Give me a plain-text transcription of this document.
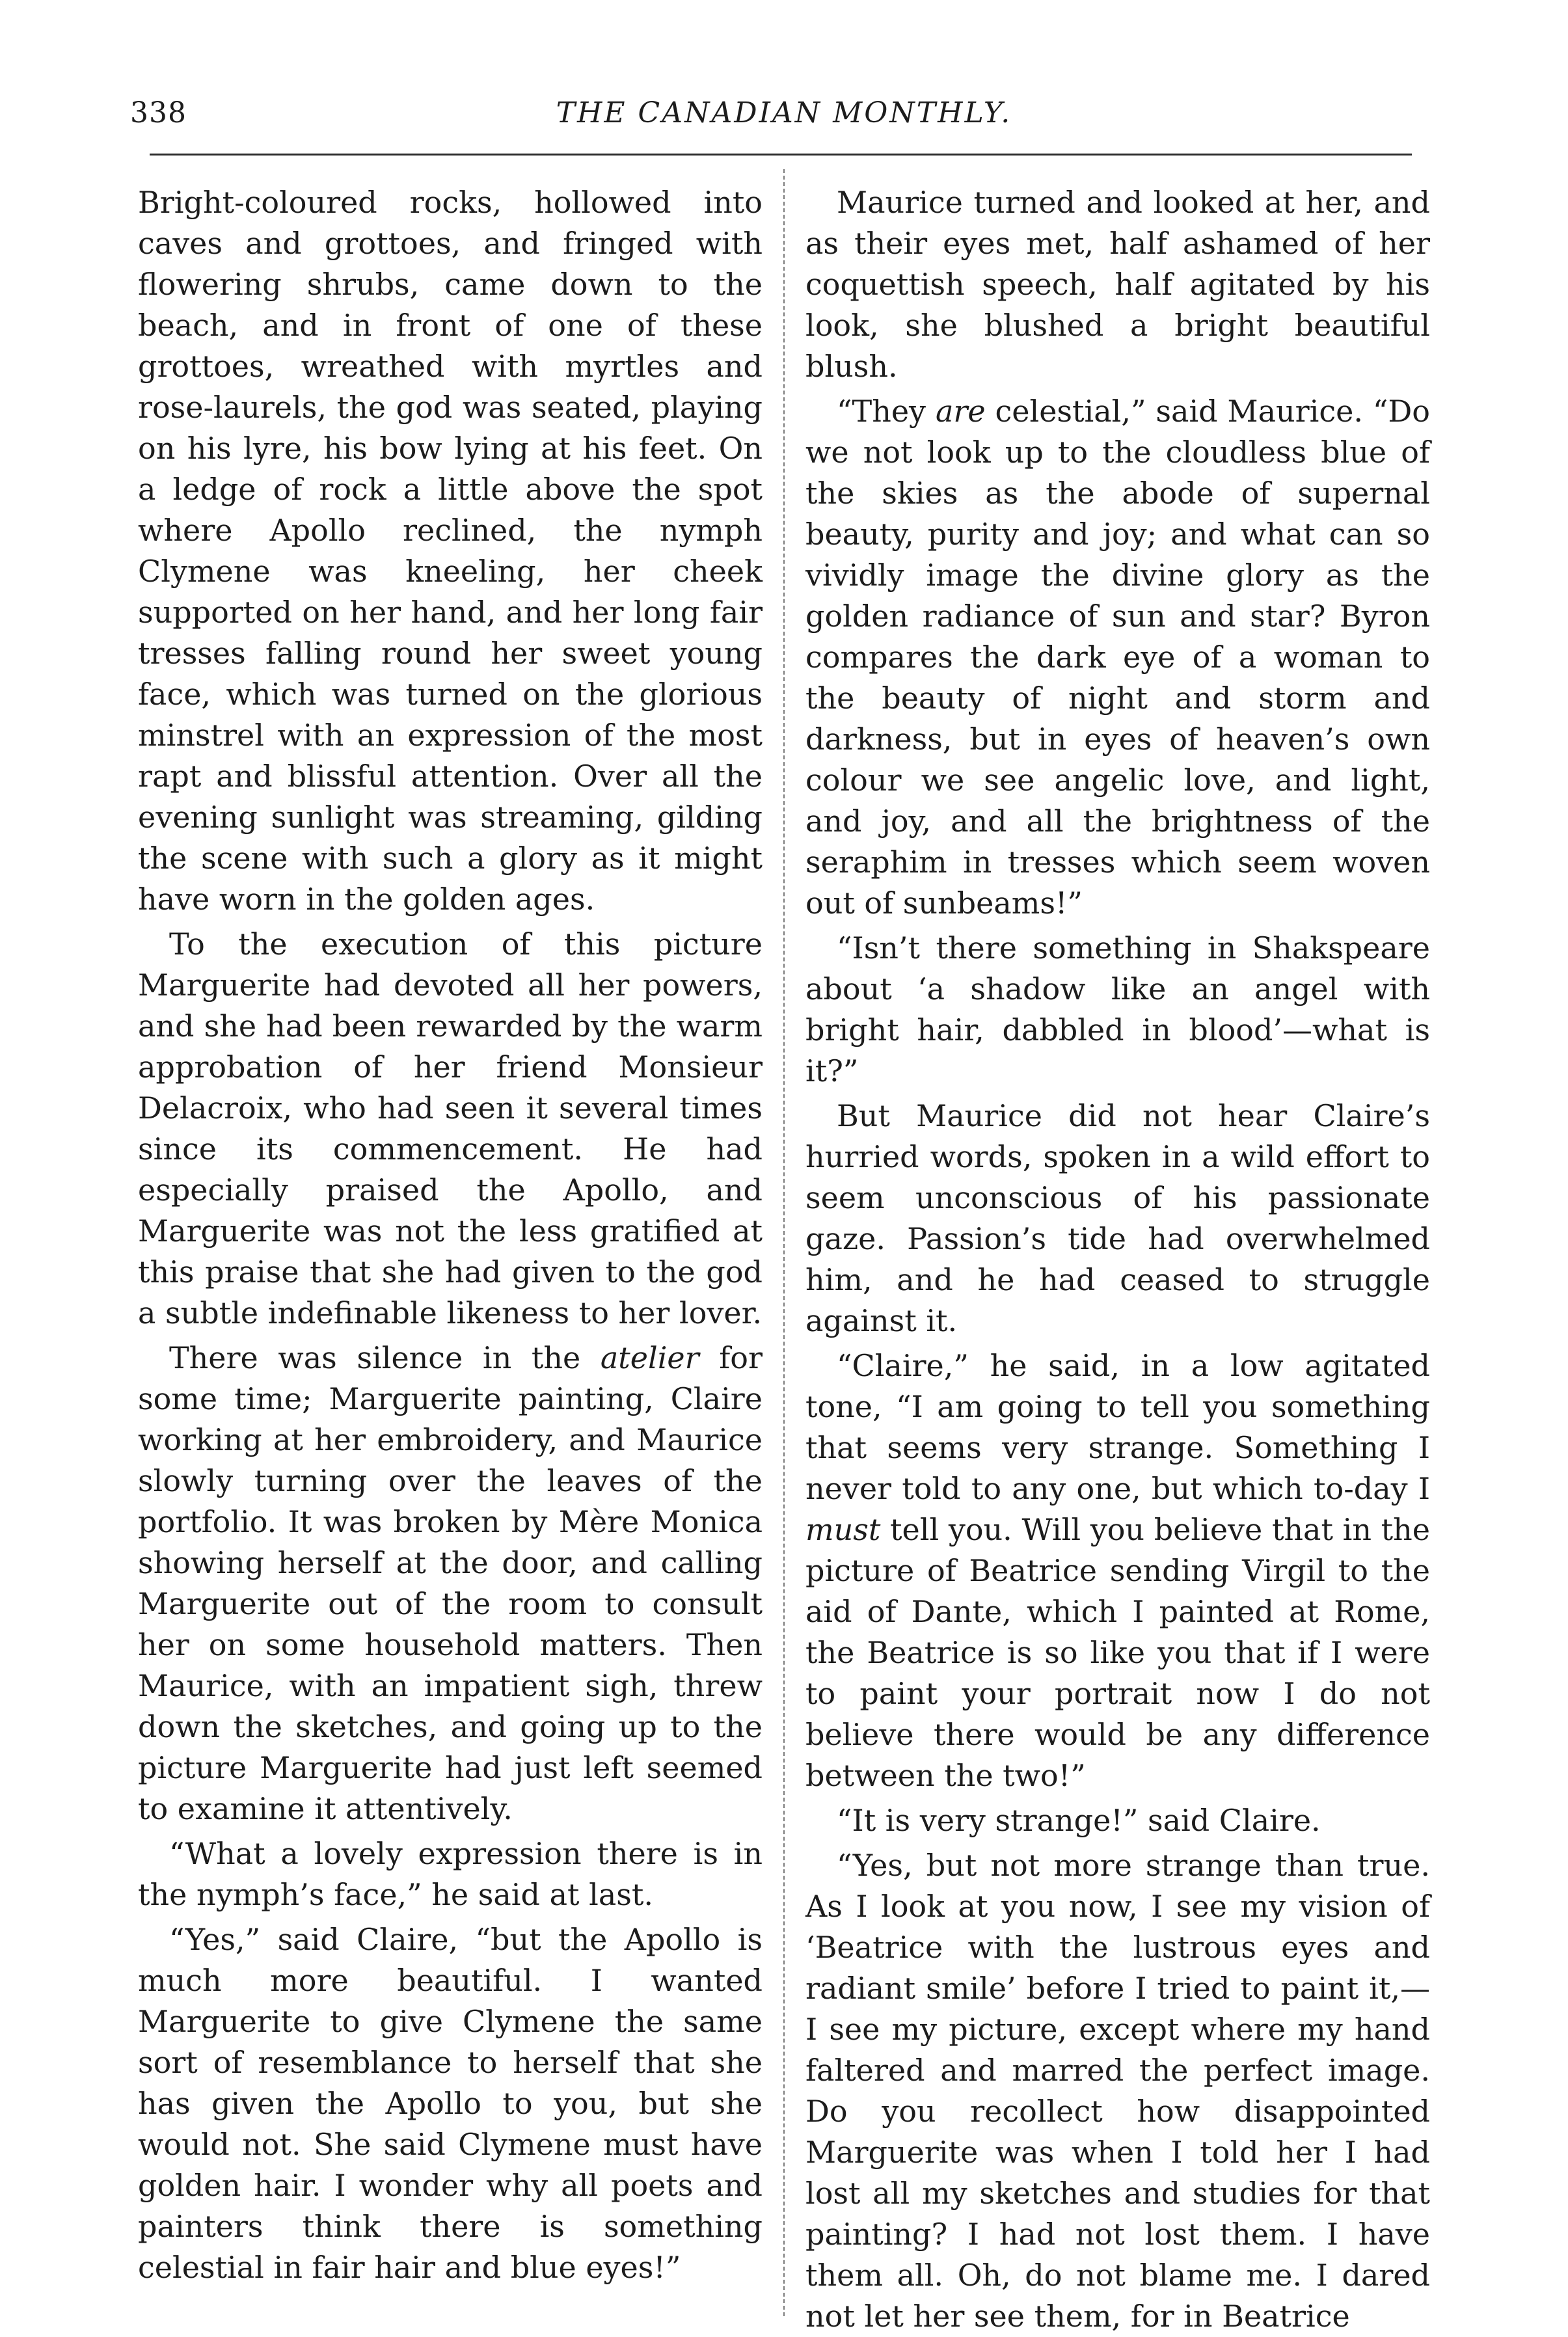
338	THE CANADIAN MONTHLY.

Bright-coloured rocks, hollowed into caves and grottoes, and fringed with flowering shrubs, came down to the beach, and in front of one of these grottoes, wreathed with myrtles and rose-laurels, the god was seated, playing on his lyre, his bow lying at his feet. On a ledge of rock a little above the spot where Apollo reclined, the nymph Clymene was kneeling, her cheek supported on her hand, and her long fair tresses falling round her sweet young face, which was turned on the glorious minstrel with an expression of the most rapt and blissful attention. Over all the evening sunlight was streaming, gilding the scene with such a glory as it might have worn in the golden ages.

To the execution of this picture Marguerite had devoted all her powers, and she had been rewarded by the warm approbation of her friend Monsieur Delacroix, who had seen it several times since its commencement. He had especially praised the Apollo, and Marguerite was not the less gratified at this praise that she had given to the god a subtle indefinable likeness to her lover.

There was silence in the atelier for some time; Marguerite painting, Claire working at her embroidery, and Maurice slowly turning over the leaves of the portfolio. It was broken by Mère Monica showing herself at the door, and calling Marguerite out of the room to consult her on some household matters. Then Maurice, with an impatient sigh, threw down the sketches, and going up to the picture Marguerite had just left seemed to examine it attentively.

“What a lovely expression there is in the nymph’s face,” he said at last.

“Yes,” said Claire, “but the Apollo is much more beautiful. I wanted Marguerite to give Clymene the same sort of resemblance to herself that she has given the Apollo to you, but she would not. She said Clymene must have golden hair. I wonder why all poets and painters think there is something celestial in fair hair and blue eyes!”

Maurice turned and looked at her, and as their eyes met, half ashamed of her coquettish speech, half agitated by his look, she blushed a bright beautiful blush.

“They are celestial,” said Maurice. “Do we not look up to the cloudless blue of the skies as the abode of supernal beauty, purity and joy; and what can so vividly image the divine glory as the golden radiance of sun and star? Byron compares the dark eye of a woman to the beauty of night and storm and darkness, but in eyes of heaven’s own colour we see angelic love, and light, and joy, and all the brightness of the seraphim in tresses which seem woven out of sunbeams!”

“Isn’t there something in Shakspeare about ‘a shadow like an angel with bright hair, dabbled in blood’—what is it?”

But Maurice did not hear Claire’s hurried words, spoken in a wild effort to seem unconscious of his passionate gaze. Passion’s tide had overwhelmed him, and he had ceased to struggle against it.

“Claire,” he said, in a low agitated tone, “I am going to tell you something that seems very strange. Something I never told to any one, but which to-day I must tell you. Will you believe that in the picture of Beatrice sending Virgil to the aid of Dante, which I painted at Rome, the Beatrice is so like you that if I were to paint your portrait now I do not believe there would be any difference between the two!”

“It is very strange!” said Claire.

“Yes, but not more strange than true. As I look at you now, I see my vision of ‘Beatrice with the lustrous eyes and radiant smile’ before I tried to paint it,—I see my picture, except where my hand faltered and marred the perfect image. Do you recollect how disappointed Marguerite was when I told her I had lost all my sketches and studies for that painting? I had not lost them. I have them all. Oh, do not blame me. I dared not let her see them, for in Beatrice
